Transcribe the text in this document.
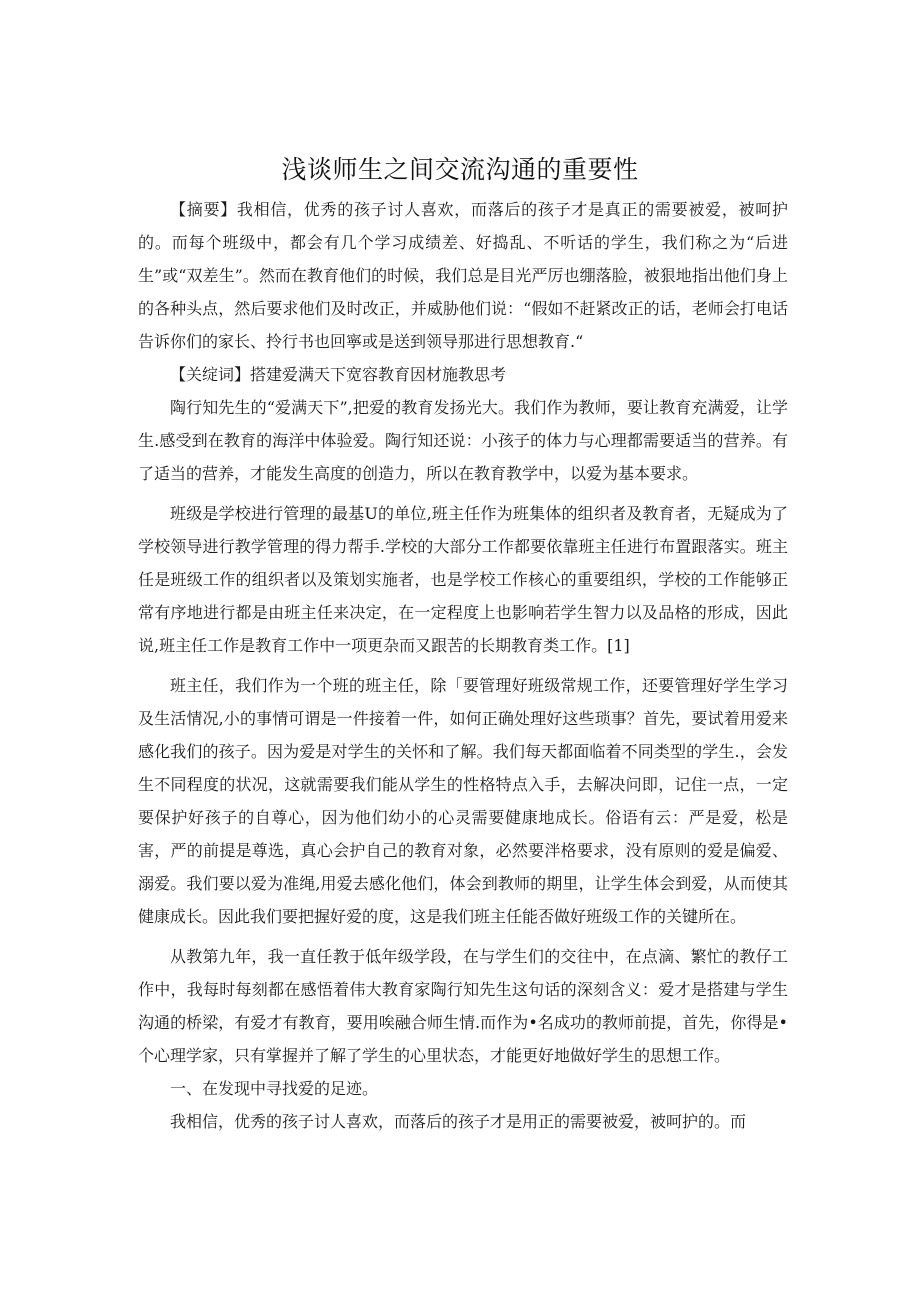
浅谈师生之间交流沟通的重要性

【摘要】我相信，优秀的孩子讨人喜欢，而落后的孩子才是真正的需要被爱，被呵护的。而每个班级中，都会有几个学习成绩差、好捣乱、不听话的学生，我们称之为“后进生”或“双差生”。然而在教育他们的时候，我们总是目光严厉也绷落脸，被狠地指出他们身上的各种头点，然后要求他们及时改正，并威胁他们说：“假如不赶紧改正的话，老师会打电话告诉你们的家长、拎行书也回寧或是送到领导那进行思想教育.“

【关绽词】搭建爱满天下宽容教育因材施教思考

陶行知先生的“爱满天下”,把爱的教育发扬光大。我们作为教师，要让教育充满爱，让学生.感受到在教育的海洋中体验爱。陶行知还说：小孩子的体力与心理都需要适当的营养。有了适当的营养，才能发生高度的创造力，所以在教育教学中，以爱为基本要求。

班级是学校进行管理的最基U的单位,班主任作为班集体的组织者及教育者，无疑成为了学校领导进行教学管理的得力帮手.学校的大部分工作都要依靠班主任进行布置跟落实。班主任是班级工作的组织者以及策划实施者，也是学校工作核心的重要组织，学校的工作能够正常有序地进行都是由班主任来决定，在一定程度上也影响若学生智力以及品格的形成，因此说,班主任工作是教育工作中一项更杂而又跟苦的长期教育类工作。[1]

班主任，我们作为一个班的班主任，除「要管理好班级常规工作，还要管理好学生学习及生活情况,小的事情可谓是一件接着一件，如何正确处理好这些琐事？首先，要试着用爱来感化我们的孩子。因为爱是对学生的关怀和了解。我们每天都面临着不同类型的学生.，会发生不同程度的状况，这就需要我们能从学生的性格特点入手，去解决问即，记住一点，一定要保护好孩子的自尊心，因为他们幼小的心灵需要健康地成长。俗语有云：严是爱，松是害，严的前提是尊选，真心会护自己的教育对象，必然要泮格要求，没有原则的爱是偏爱、溺爱。我们要以爱为准绳,用爱去感化他们，体会到教师的期里，让学生体会到爱，从而使其健康成长。因此我们要把握好爱的度，这是我们班主任能否做好班级工作的关键所在。

从教第九年，我一直任教于低年级学段，在与学生们的交往中，在点滴、繁忙的教仔工作中，我每时每刻都在感悟着伟大教育家陶行知先生这句话的深刻含义：爱才是搭建与学生沟通的桥梁，有爱才有教育，要用唉融合师生情.而作为•名成功的教师前提，首先，你得是•个心理学家，只有掌握并了解了学生的心里状态，才能更好地做好学生的思想工作。

一、在发现中寻找爱的足迹。

我相信，优秀的孩子讨人喜欢，而落后的孩子才是用正的需要被爱，被呵护的。而
